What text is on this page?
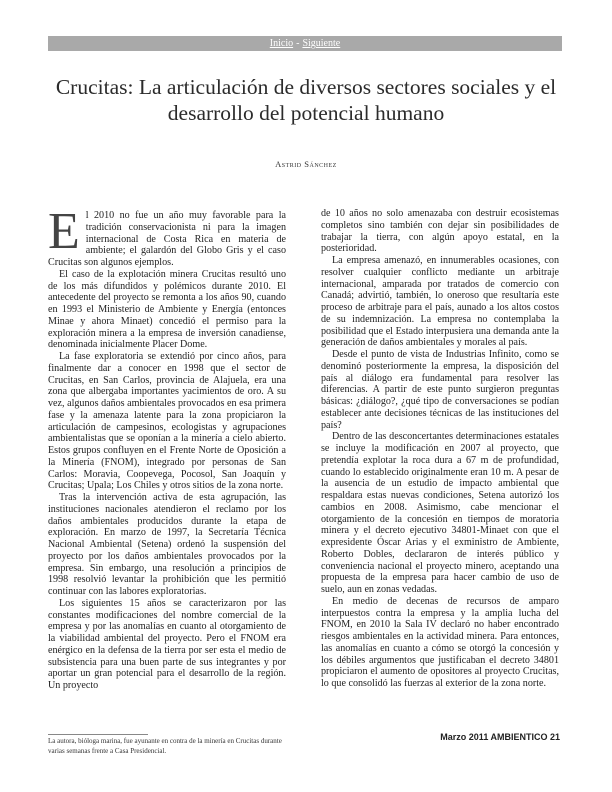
Inicio - Siguiente
Crucitas: La articulación de diversos sectores sociales y el desarrollo del potencial humano
Astrid Sánchez

El 2010 no fue un año muy favorable para la tradición conservacionista ni para la imagen internacional de Costa Rica en materia de ambiente; el galardón del Globo Gris y el caso Crucitas son algunos ejemplos.

El caso de la explotación minera Crucitas resultó uno de los más difundidos y polémicos durante 2010. El antecedente del proyecto se remonta a los años 90, cuando en 1993 el Ministerio de Ambiente y Energía (entonces Minae y ahora Minaet) concedió el permiso para la exploración minera a la empresa de inversión canadiense, denominada inicialmente Placer Dome.

La fase exploratoria se extendió por cinco años, para finalmente dar a conocer en 1998 que el sector de Crucitas, en San Carlos, provincia de Alajuela, era una zona que albergaba importantes yacimientos de oro. A su vez, algunos daños ambientales provocados en esa primera fase y la amenaza latente para la zona propiciaron la articulación de campesinos, ecologistas y agrupaciones ambientalistas que se oponían a la minería a cielo abierto. Estos grupos confluyen en el Frente Norte de Oposición a la Minería (FNOM), integrado por personas de San Carlos: Moravia, Coopevega, Pocosol, San Joaquín y Crucitas; Upala; Los Chiles y otros sitios de la zona norte.

Tras la intervención activa de esta agrupación, las instituciones nacionales atendieron el reclamo por los daños ambientales producidos durante la etapa de exploración. En marzo de 1997, la Secretaría Técnica Nacional Ambiental (Setena) ordenó la suspensión del proyecto por los daños ambientales provocados por la empresa. Sin embargo, una resolución a principios de 1998 resolvió levantar la prohibición que les permitió continuar con las labores exploratorias.

Los siguientes 15 años se caracterizaron por las constantes modificaciones del nombre comercial de la empresa y por las anomalías en cuanto al otorgamiento de la viabilidad ambiental del proyecto. Pero el FNOM era enérgico en la defensa de la tierra por ser esta el medio de subsistencia para una buen parte de sus integrantes y por aportar un gran potencial para el desarrollo de la región. Un proyecto

de 10 años no solo amenazaba con destruir ecosistemas completos sino también con dejar sin posibilidades de trabajar la tierra, con algún apoyo estatal, en la posterioridad.

La empresa amenazó, en innumerables ocasiones, con resolver cualquier conflicto mediante un arbitraje internacional, amparada por tratados de comercio con Canadá; advirtió, también, lo oneroso que resultaría este proceso de arbitraje para el país, aunado a los altos costos de su indemnización. La empresa no contemplaba la posibilidad que el Estado interpusiera una demanda ante la generación de daños ambientales y morales al país.

Desde el punto de vista de Industrias Infinito, como se denominó posteriormente la empresa, la disposición del país al diálogo era fundamental para resolver las diferencias. A partir de este punto surgieron preguntas básicas: ¿diálogo?, ¿qué tipo de conversaciones se podían establecer ante decisiones técnicas de las instituciones del país?

Dentro de las desconcertantes determinaciones estatales se incluye la modificación en 2007 al proyecto, que pretendía explotar la roca dura a 67 m de profundidad, cuando lo establecido originalmente eran 10 m. A pesar de la ausencia de un estudio de impacto ambiental que respaldara estas nuevas condiciones, Setena autorizó los cambios en 2008. Asimismo, cabe mencionar el otorgamiento de la concesión en tiempos de moratoria minera y el decreto ejecutivo 34801-Minaet con que el expresidente Óscar Arias y el exministro de Ambiente, Roberto Dobles, declararon de interés público y conveniencia nacional el proyecto minero, aceptando una propuesta de la empresa para hacer cambio de uso de suelo, aun en zonas vedadas.

En medio de decenas de recursos de amparo interpuestos contra la empresa y la amplia lucha del FNOM, en 2010 la Sala IV declaró no haber encontrado riesgos ambientales en la actividad minera. Para entonces, las anomalías en cuanto a cómo se otorgó la concesión y los débiles argumentos que justificaban el decreto 34801 propiciaron el aumento de opositores al proyecto Crucitas, lo que consolidó las fuerzas al exterior de la zona norte.

La autora, bióloga marina, fue ayunante en contra de la minería en Crucitas durante varias semanas frente a Casa Presidencial.
Marzo 2011 AMBIENTICO 21
